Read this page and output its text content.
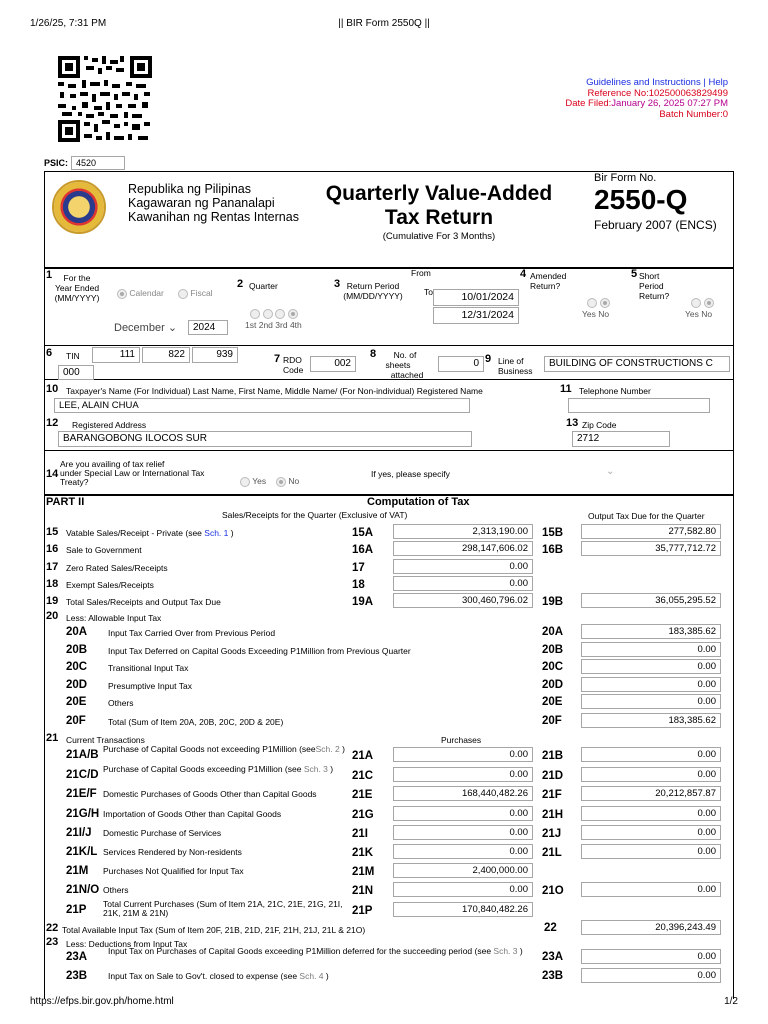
1/26/25, 7:31 PM	|| BIR Form 2550Q ||
https://efps.bir.gov.ph/home.html	1/2
Guidelines and Instructions | Help
Reference No:102500063829499
Date Filed:January 26, 2025 07:27 PM
Batch Number:0
PSIC: 4520
Republika ng Pilipinas
Kagawaran ng Pananalapi
Kawanihan ng Rentas Internas
Quarterly Value-Added
Tax Return
(Cumulative For 3 Months)
Bir Form No.
2550-Q
February 2007 (ENCS)
1	For the
Year Ended
(MM/YYYY)	Calendar	Fiscal
December ⌄	2024
2 Quarter

1st 2nd 3rd 4th
3 Return Period
(MM/DD/YYYY)
From
To	10/01/2024
12/31/2024
4 Amended
Return?

Yes No
5 Short
Period
Return?

Yes No
6 TIN	111	822	939
000
7 RDO
Code
002
8	No. of
sheets
attached
0 9 Line of
Business
BUILDING OF CONSTRUCTIONS C
10 Taxpayer's Name (For Individual) Last Name, First Name, Middle Name/ (For Non-individual) Registered Name
LEE, ALAIN CHUA
11 Telephone Number
12 Registered Address
BARANGOBONG ILOCOS SUR
13 Zip Code
2712
14
Are you availing of tax relief
under Special Law or International Tax
Treaty?	Yes	No
If yes, please specify	⌄
PART II	Computation of Tax
Sales/Receipts for the Quarter (Exclusive of VAT)	Output Tax Due for the Quarter
15 Vatable Sales/Receipt - Private (see Sch. 1 )	15A	2,313,190.00	15B	277,582.80
16 Sale to Government	16A	298,147,606.02	16B	35,777,712.72
17 Zero Rated Sales/Receipts	17	0.00
18 Exempt Sales/Receipts	18	0.00
19 Total Sales/Receipts and Output Tax Due	19A	300,460,796.02	19B	36,055,295.52
20 Less: Allowable Input Tax
20A Input Tax Carried Over from Previous Period	20A	183,385.62
20B Input Tax Deferred on Capital Goods Exceeding P1Million from Previous Quarter	20B	0.00
20C Transitional Input Tax	20C	0.00
20D Presumptive Input Tax	20D	0.00
20E	Others	20E	0.00
20F	Total (Sum of Item 20A, 20B, 20C, 20D & 20E)	20F	183,385.62
21 Current Transactions	Purchases
21A/B Purchase of Capital Goods not exceeding P1Million (seeSch. 2 )
21A	0.00	21B	0.00
21C/D Purchase of Capital Goods exceeding P1Million (see Sch. 3 )
21C	0.00	21D	0.00
21E/F Domestic Purchases of Goods Other than Capital Goods	21E	168,440,482.26	21F	20,212,857.87
21G/H Importation of Goods Other than Capital Goods	21G	0.00	21H	0.00
21I/J Domestic Purchase of Services	21I	0.00	21J	0.00
21K/L Services Rendered by Non-residents	21K	0.00	21L	0.00
21M Purchases Not Qualified for Input Tax	21M	2,400,000.00
21N/O Others	21N	0.00	21O	0.00
21P Total Current Purchases (Sum of Item 21A, 21C, 21E, 21G, 21I, 21K, 21M & 21N)	21P	170,840,482.26
22 Total Available Input Tax (Sum of Item 20F, 21B, 21D, 21F, 21H, 21J, 21L & 21O)	22	20,396,243.49
23 Less: Deductions from Input Tax
23A Input Tax on Purchases of Capital Goods exceeding P1Million deferred for the succeeding period (see Sch. 3 )	23A	0.00
23B Input Tax on Sale to Gov't. closed to expense (see Sch. 4 )	23B	0.00
